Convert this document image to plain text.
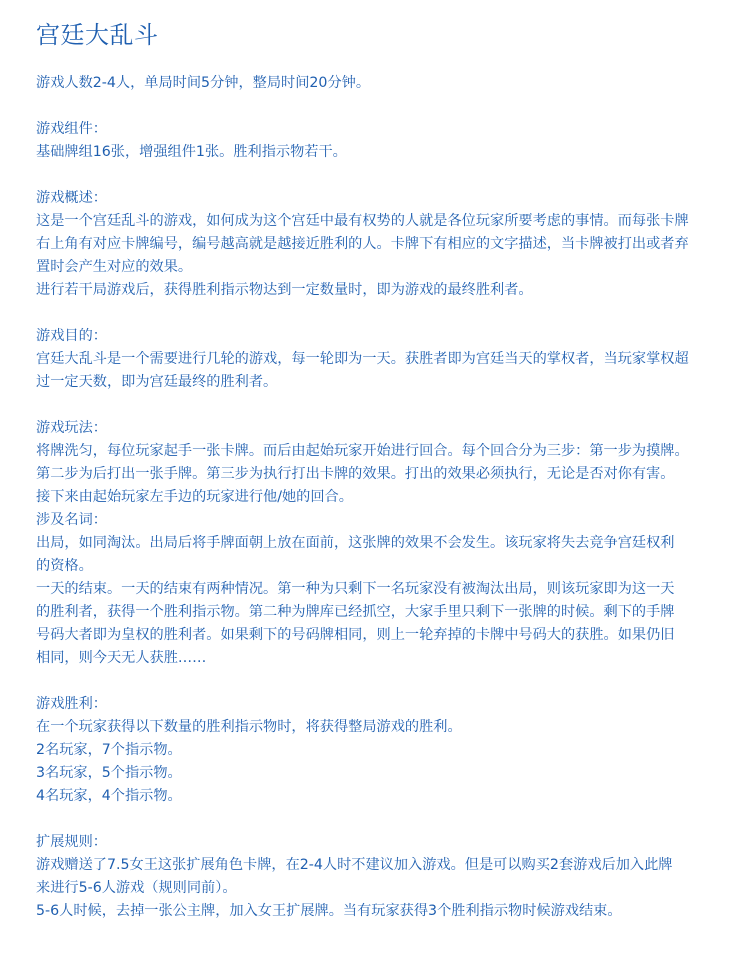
宫廷大乱斗

游戏人数2-4人，单局时间5分钟，整局时间20分钟。

游戏组件：

基础牌组16张，增强组件1张。胜利指示物若干。

游戏概述：

这是一个宫廷乱斗的游戏，如何成为这个宫廷中最有权势的人就是各位玩家所要考虑的事情。而每张卡牌

右上角有对应卡牌编号，编号越高就是越接近胜利的人。卡牌下有相应的文字描述，当卡牌被打出或者弃

置时会产生对应的效果。

进行若干局游戏后，获得胜利指示物达到一定数量时，即为游戏的最终胜利者。

游戏目的：

宫廷大乱斗是一个需要进行几轮的游戏，每一轮即为一天。获胜者即为宫廷当天的掌权者，当玩家掌权超

过一定天数，即为宫廷最终的胜利者。

游戏玩法：

将牌洗匀，每位玩家起手一张卡牌。而后由起始玩家开始进行回合。每个回合分为三步：第一步为摸牌。

第二步为后打出一张手牌。第三步为执行打出卡牌的效果。打出的效果必须执行，无论是否对你有害。

接下来由起始玩家左手边的玩家进行他/她的回合。

涉及名词：

出局，如同淘汰。出局后将手牌面朝上放在面前，这张牌的效果不会发生。该玩家将失去竞争宫廷权利

的资格。

一天的结束。一天的结束有两种情况。第一种为只剩下一名玩家没有被淘汰出局，则该玩家即为这一天

的胜利者，获得一个胜利指示物。第二种为牌库已经抓空，大家手里只剩下一张牌的时候。剩下的手牌

号码大者即为皇权的胜利者。如果剩下的号码牌相同，则上一轮弃掉的卡牌中号码大的获胜。如果仍旧

相同，则今天无人获胜……

游戏胜利：

在一个玩家获得以下数量的胜利指示物时，将获得整局游戏的胜利。

2名玩家，7个指示物。

3名玩家，5个指示物。

4名玩家，4个指示物。

扩展规则：

游戏赠送了7.5女王这张扩展角色卡牌，在2-4人时不建议加入游戏。但是可以购买2套游戏后加入此牌

来进行5-6人游戏（规则同前）。

5-6人时候，去掉一张公主牌，加入女王扩展牌。当有玩家获得3个胜利指示物时候游戏结束。
